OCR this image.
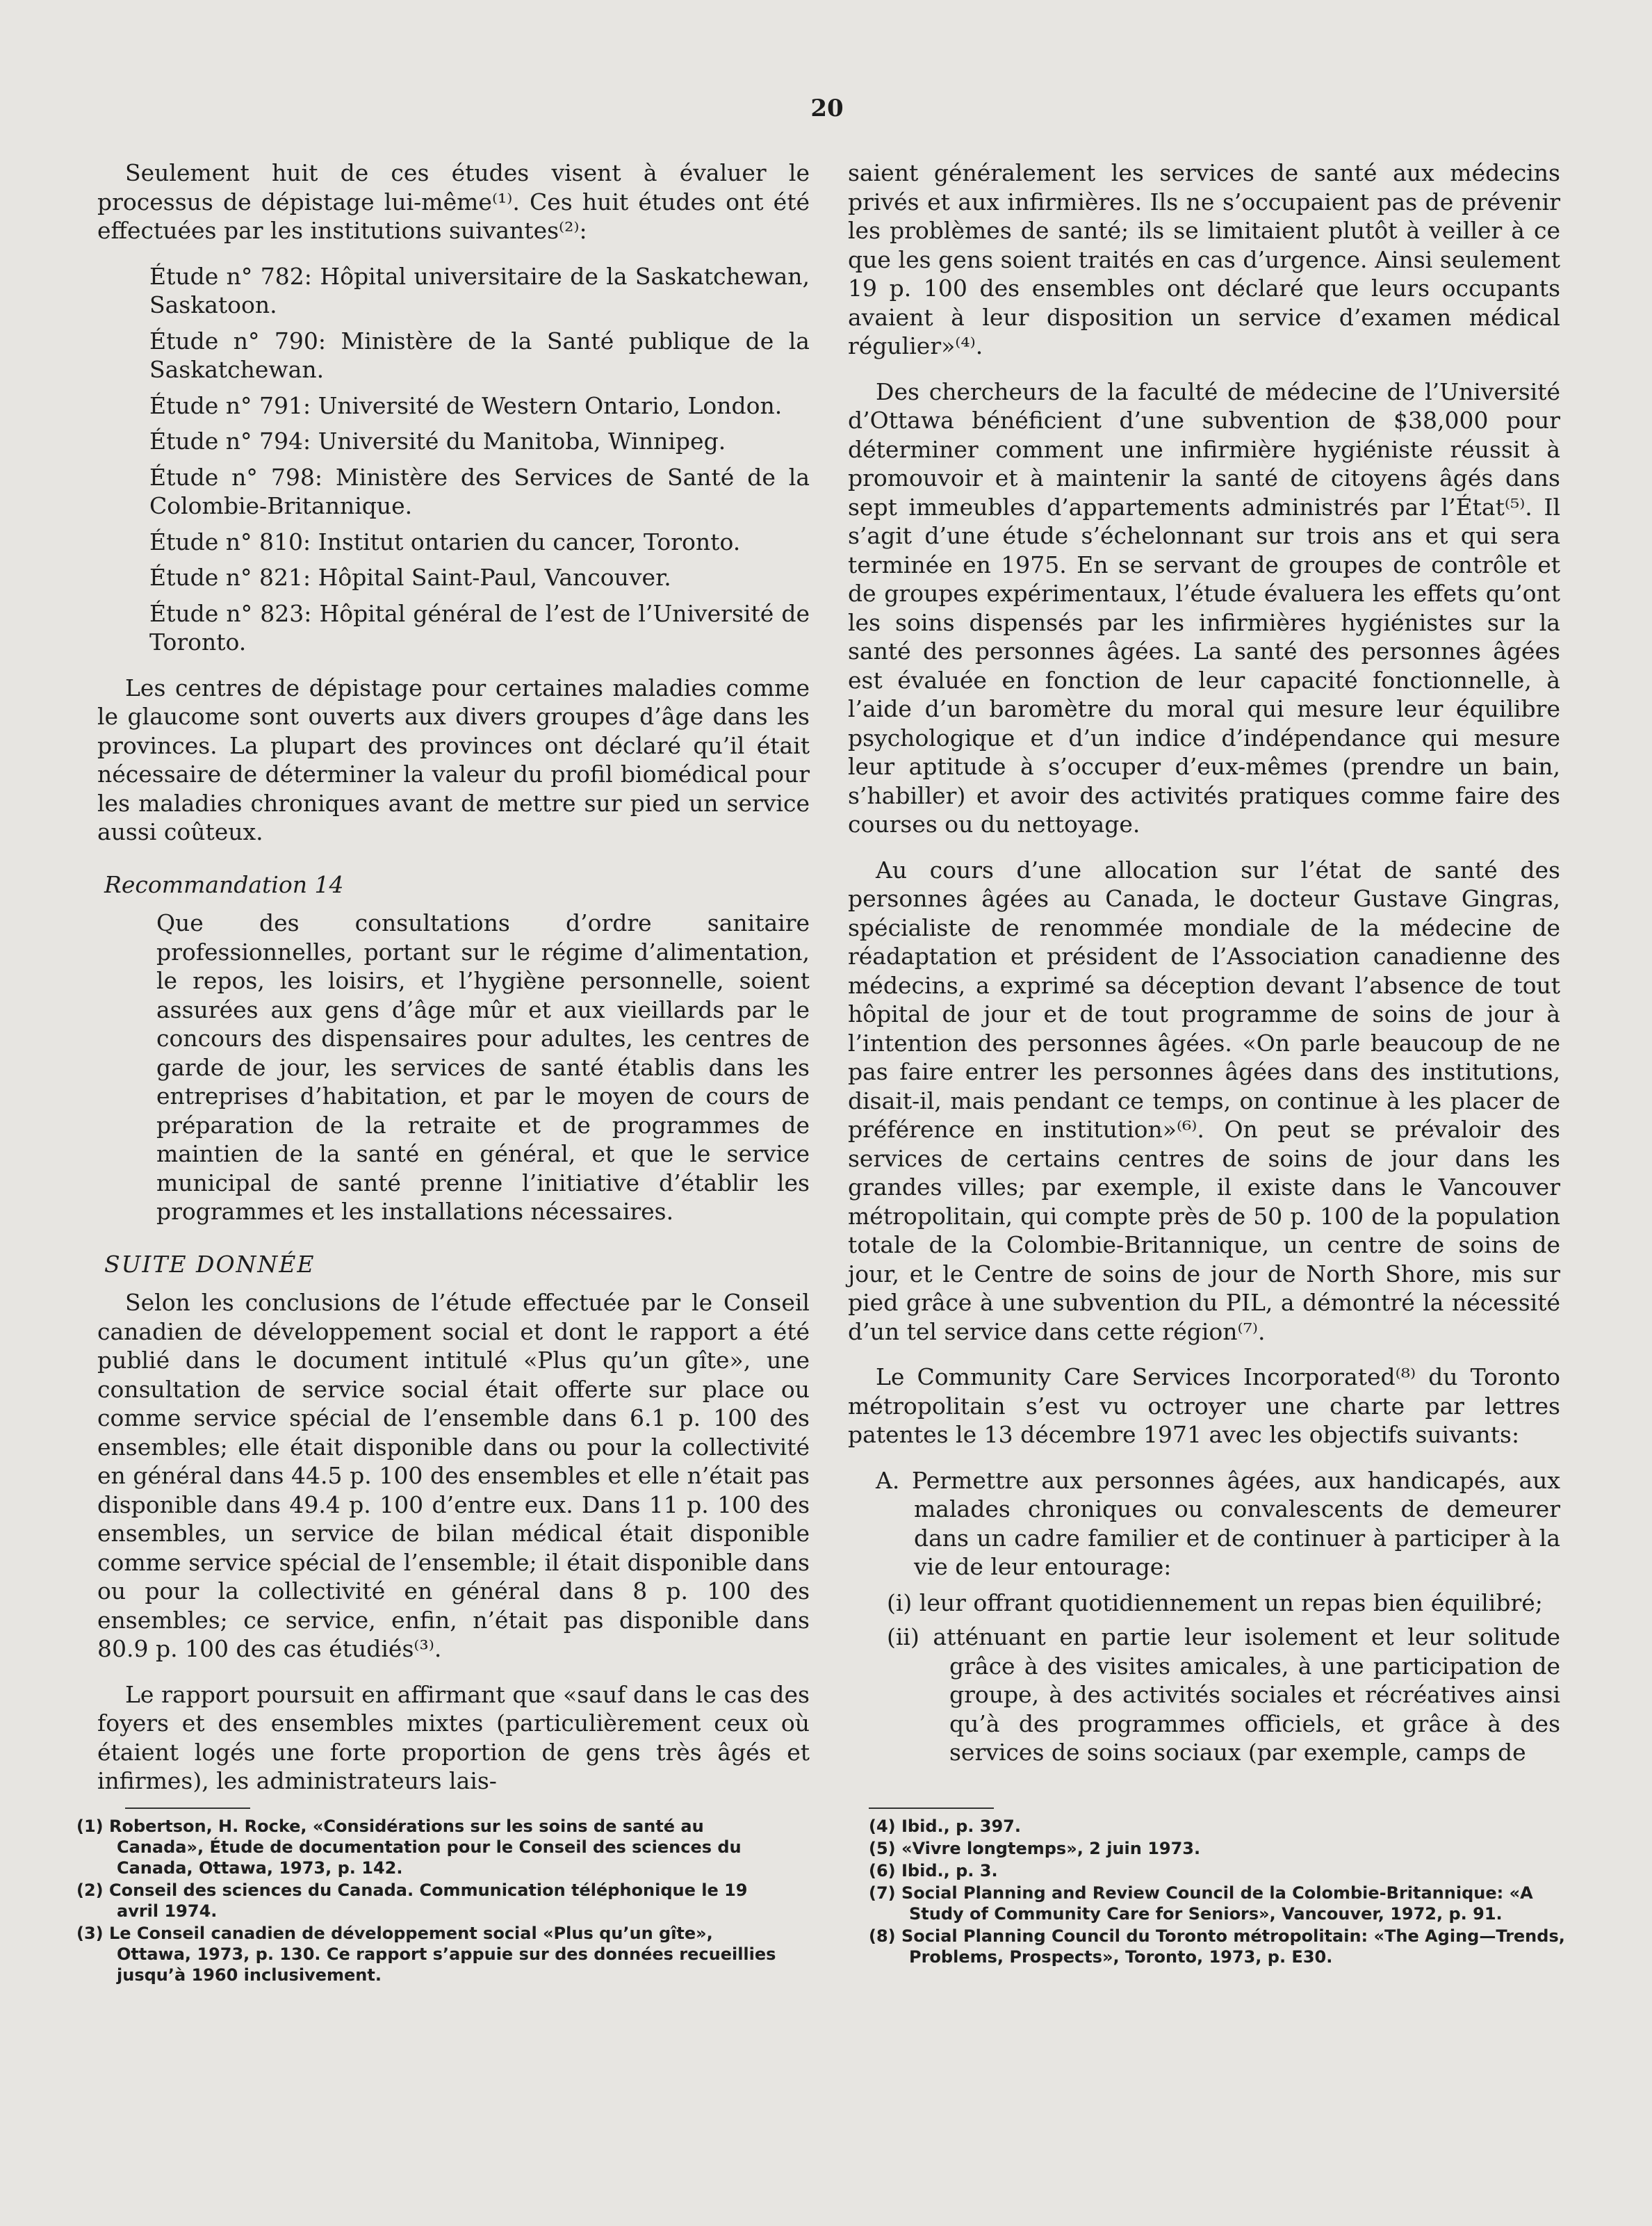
20

Seulement huit de ces études visent à évaluer le processus de dépistage lui-même⁽¹⁾. Ces huit études ont été effectuées par les institutions suivantes⁽²⁾:

Étude n° 782: Hôpital universitaire de la Saskatchewan, Saskatoon.

Étude n° 790: Ministère de la Santé publique de la Saskatchewan.

Étude n° 791: Université de Western Ontario, London.

Étude n° 794: Université du Manitoba, Winnipeg.

Étude n° 798: Ministère des Services de Santé de la Colombie-Britannique.

Étude n° 810: Institut ontarien du cancer, Toronto.

Étude n° 821: Hôpital Saint-Paul, Vancouver.

Étude n° 823: Hôpital général de l’est de l’Université de Toronto.

Les centres de dépistage pour certaines maladies comme le glaucome sont ouverts aux divers groupes d’âge dans les provinces. La plupart des provinces ont déclaré qu’il était nécessaire de déterminer la valeur du profil biomédical pour les maladies chroniques avant de mettre sur pied un service aussi coûteux.

Recommandation 14

Que des consultations d’ordre sanitaire professionnelles, portant sur le régime d’alimentation, le repos, les loisirs, et l’hygiène personnelle, soient assurées aux gens d’âge mûr et aux vieillards par le concours des dispensaires pour adultes, les centres de garde de jour, les services de santé établis dans les entreprises d’habitation, et par le moyen de cours de préparation de la retraite et de programmes de maintien de la santé en général, et que le service municipal de santé prenne l’initiative d’établir les programmes et les installations nécessaires.

SUITE DONNÉE

Selon les conclusions de l’étude effectuée par le Conseil canadien de développement social et dont le rapport a été publié dans le document intitulé «Plus qu’un gîte», une consultation de service social était offerte sur place ou comme service spécial de l’ensemble dans 6.1 p. 100 des ensembles; elle était disponible dans ou pour la collectivité en général dans 44.5 p. 100 des ensembles et elle n’était pas disponible dans 49.4 p. 100 d’entre eux. Dans 11 p. 100 des ensembles, un service de bilan médical était disponible comme service spécial de l’ensemble; il était disponible dans ou pour la collectivité en général dans 8 p. 100 des ensembles; ce service, enfin, n’était pas disponible dans 80.9 p. 100 des cas étudiés⁽³⁾.

Le rapport poursuit en affirmant que «sauf dans le cas des foyers et des ensembles mixtes (particulièrement ceux où étaient logés une forte proportion de gens très âgés et infirmes), les administrateurs lais-

saient généralement les services de santé aux médecins privés et aux infirmières. Ils ne s’occupaient pas de prévenir les problèmes de santé; ils se limitaient plutôt à veiller à ce que les gens soient traités en cas d’urgence. Ainsi seulement 19 p. 100 des ensembles ont déclaré que leurs occupants avaient à leur disposition un service d’examen médical régulier»⁽⁴⁾.

Des chercheurs de la faculté de médecine de l’Université d’Ottawa bénéficient d’une subvention de $38,000 pour déterminer comment une infirmière hygiéniste réussit à promouvoir et à maintenir la santé de citoyens âgés dans sept immeubles d’appartements administrés par l’État⁽⁵⁾. Il s’agit d’une étude s’échelonnant sur trois ans et qui sera terminée en 1975. En se servant de groupes de contrôle et de groupes expérimentaux, l’étude évaluera les effets qu’ont les soins dispensés par les infirmières hygiénistes sur la santé des personnes âgées. La santé des personnes âgées est évaluée en fonction de leur capacité fonctionnelle, à l’aide d’un baromètre du moral qui mesure leur équilibre psychologique et d’un indice d’indépendance qui mesure leur aptitude à s’occuper d’eux-mêmes (prendre un bain, s’habiller) et avoir des activités pratiques comme faire des courses ou du nettoyage.

Au cours d’une allocation sur l’état de santé des personnes âgées au Canada, le docteur Gustave Gingras, spécialiste de renommée mondiale de la médecine de réadaptation et président de l’Association canadienne des médecins, a exprimé sa déception devant l’absence de tout hôpital de jour et de tout programme de soins de jour à l’intention des personnes âgées. «On parle beaucoup de ne pas faire entrer les personnes âgées dans des institutions, disait-il, mais pendant ce temps, on continue à les placer de préférence en institution»⁽⁶⁾. On peut se prévaloir des services de certains centres de soins de jour dans les grandes villes; par exemple, il existe dans le Vancouver métropolitain, qui compte près de 50 p. 100 de la population totale de la Colombie-Britannique, un centre de soins de jour, et le Centre de soins de jour de North Shore, mis sur pied grâce à une subvention du PIL, a démontré la nécessité d’un tel service dans cette région⁽⁷⁾.

Le Community Care Services Incorporated⁽⁸⁾ du Toronto métropolitain s’est vu octroyer une charte par lettres patentes le 13 décembre 1971 avec les objectifs suivants:

A. Permettre aux personnes âgées, aux handicapés, aux malades chroniques ou convalescents de demeurer dans un cadre familier et de continuer à participer à la vie de leur entourage:

(i) leur offrant quotidiennement un repas bien équilibré;

(ii) atténuant en partie leur isolement et leur solitude grâce à des visites amicales, à une participation de groupe, à des activités sociales et récréatives ainsi qu’à des programmes officiels, et grâce à des services de soins sociaux (par exemple, camps de

(1) Robertson, H. Rocke, «Considérations sur les soins de santé au Canada», Étude de documentation pour le Conseil des sciences du Canada, Ottawa, 1973, p. 142.

(2) Conseil des sciences du Canada. Communication téléphonique le 19 avril 1974.

(3) Le Conseil canadien de développement social «Plus qu’un gîte», Ottawa, 1973, p. 130. Ce rapport s’appuie sur des données recueillies jusqu’à 1960 inclusivement.

(4) Ibid., p. 397.

(5) «Vivre longtemps», 2 juin 1973.

(6) Ibid., p. 3.

(7) Social Planning and Review Council de la Colombie-Britannique: «A Study of Community Care for Seniors», Vancouver, 1972, p. 91.

(8) Social Planning Council du Toronto métropolitain: «The Aging—Trends, Problems, Prospects», Toronto, 1973, p. E30.
